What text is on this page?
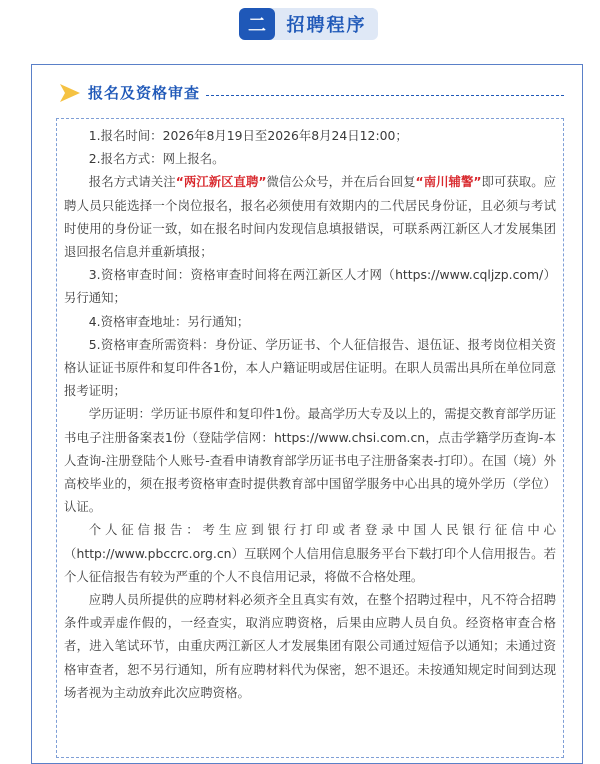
二	招聘程序
报名及资格审查

1.报名时间：2026年8月19日至2026年8月24日12:00；

2.报名方式：网上报名。

报名方式请关注“两江新区直聘”微信公众号，并在后台回复“南川辅警”即可获取。应聘人员只能选择一个岗位报名，报名必须使用有效期内的二代居民身份证，且必须与考试时使用的身份证一致，如在报名时间内发现信息填报错误，可联系两江新区人才发展集团退回报名信息并重新填报；

3.资格审查时间：资格审查时间将在两江新区人才网（https://www.cqljzp.com/）另行通知；

4.资格审查地址：另行通知；

5.资格审查所需资料：身份证、学历证书、个人征信报告、退伍证、报考岗位相关资格认证证书原件和复印件各1份，本人户籍证明或居住证明。在职人员需出具所在单位同意报考证明；

学历证明：学历证书原件和复印件1份。最高学历大专及以上的，需提交教育部学历证书电子注册备案表1份（登陆学信网：https://www.chsi.com.cn，点击学籍学历查询-本人查询-注册登陆个人账号-查看申请教育部学历证书电子注册备案表-打印）。在国（境）外高校毕业的，须在报考资格审查时提供教育部中国留学服务中心出具的境外学历（学位）认证。

个人征信报告：考生应到银行打印或者登录中国人民银行征信中心（http://www.pbccrc.org.cn）互联网个人信用信息服务平台下载打印个人信用报告。若个人征信报告有较为严重的个人不良信用记录，将做不合格处理。

应聘人员所提供的应聘材料必须齐全且真实有效，在整个招聘过程中，凡不符合招聘条件或弄虚作假的，一经查实，取消应聘资格，后果由应聘人员自负。经资格审查合格者，进入笔试环节，由重庆两江新区人才发展集团有限公司通过短信予以通知；未通过资格审查者，恕不另行通知，所有应聘材料代为保密，恕不退还。未按通知规定时间到达现场者视为主动放弃此次应聘资格。
